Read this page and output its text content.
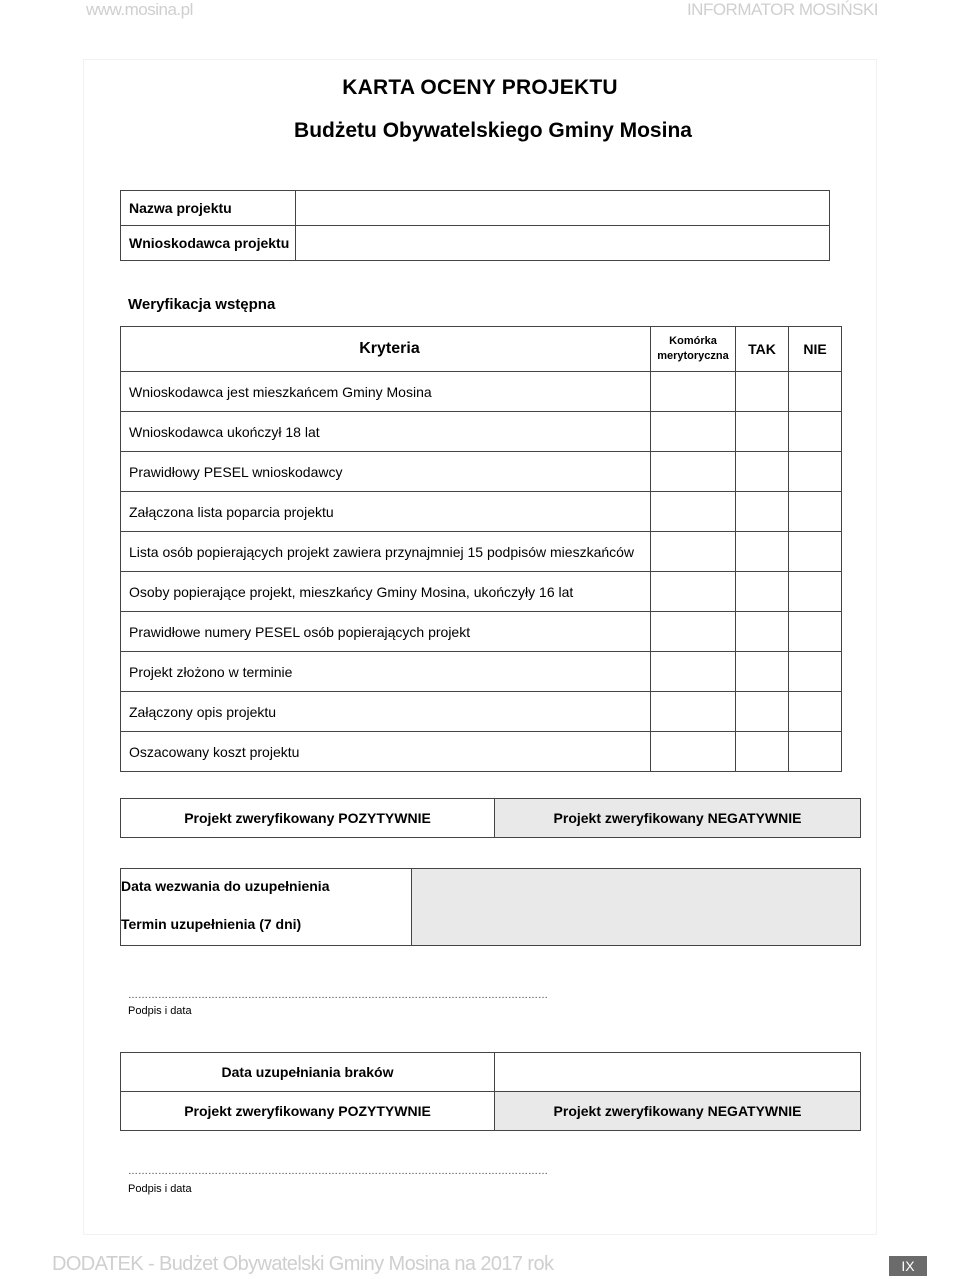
www.mosina.pl	INFORMATOR MOSIŃSKI
KARTA OCENY PROJEKTU
Budżetu Obywatelskiego Gminy Mosina
Nazwa projektu	
Wnioskodawca projektu	
Weryfikacja wstępna
Kryteria	Komórka merytoryczna	TAK	NIE
Wnioskodawca jest mieszkańcem Gminy Mosina			
Wnioskodawca ukończył 18 lat			
Prawidłowy PESEL wnioskodawcy			
Załączona lista poparcia projektu			
Lista osób popierających projekt zawiera przynajmniej 15 podpisów mieszkańców			
Osoby popierające projekt, mieszkańcy Gminy Mosina, ukończyły 16 lat			
Prawidłowe numery PESEL osób popierających projekt			
Projekt złożono w terminie			
Załączony opis projektu			
Oszacowany koszt projektu			
Projekt zweryfikowany POZYTYWNIE	Projekt zweryfikowany NEGATYWNIE
Data wezwania do uzupełnienia	
Termin uzupełnienia (7 dni)
………………………………………………………………………………………………………………
Podpis i data
Data uzupełniania braków	
Projekt zweryfikowany POZYTYWNIE	Projekt zweryfikowany NEGATYWNIE
………………………………………………………………………………………………………………
Podpis i data
DODATEK - Budżet Obywatelski Gminy Mosina na 2017 rok	IX
